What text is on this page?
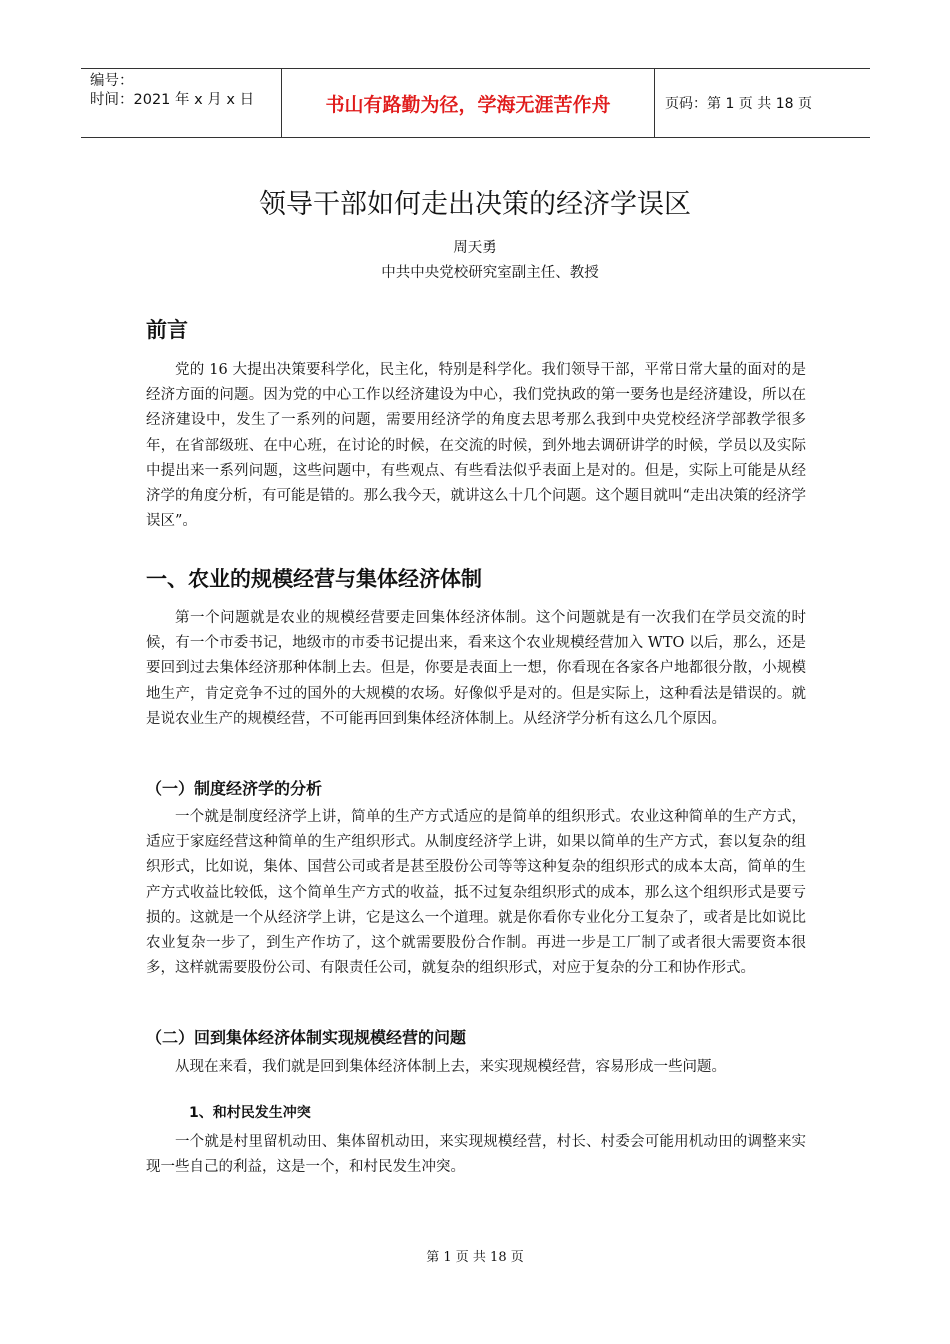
编号：
时间：2021 年 x 月 x 日	书山有路勤为径，学海无涯苦作舟	页码：第 1 页 共 18 页
领导干部如何走出决策的经济学误区
周天勇
中共中央党校研究室副主任、教授
前言

党的 16 大提出决策要科学化，民主化，特别是科学化。我们领导干部，平常日常大量的面对的是经济方面的问题。因为党的中心工作以经济建设为中心，我们党执政的第一要务也是经济建设，所以在经济建设中，发生了一系列的问题，需要用经济学的角度去思考那么我到中央党校经济学部教学很多年，在省部级班、在中心班，在讨论的时候，在交流的时候，到外地去调研讲学的时候，学员以及实际中提出来一系列问题，这些问题中，有些观点、有些看法似乎表面上是对的。但是，实际上可能是从经济学的角度分析，有可能是错的。那么我今天，就讲这么十几个问题。这个题目就叫“走出决策的经济学误区”。

一、农业的规模经营与集体经济体制

第一个问题就是农业的规模经营要走回集体经济体制。这个问题就是有一次我们在学员交流的时候，有一个市委书记，地级市的市委书记提出来，看来这个农业规模经营加入 WTO 以后，那么，还是要回到过去集体经济那种体制上去。但是，你要是表面上一想，你看现在各家各户地都很分散，小规模地生产，肯定竞争不过的国外的大规模的农场。好像似乎是对的。但是实际上，这种看法是错误的。就是说农业生产的规模经营，不可能再回到集体经济体制上。从经济学分析有这么几个原因。

（一）制度经济学的分析

一个就是制度经济学上讲，简单的生产方式适应的是简单的组织形式。农业这种简单的生产方式，适应于家庭经营这种简单的生产组织形式。从制度经济学上讲，如果以简单的生产方式，套以复杂的组织形式，比如说，集体、国营公司或者是甚至股份公司等等这种复杂的组织形式的成本太高，简单的生产方式收益比较低，这个简单生产方式的收益，抵不过复杂组织形式的成本，那么这个组织形式是要亏损的。这就是一个从经济学上讲，它是这么一个道理。就是你看你专业化分工复杂了，或者是比如说比农业复杂一步了，到生产作坊了，这个就需要股份合作制。再进一步是工厂制了或者很大需要资本很多，这样就需要股份公司、有限责任公司，就复杂的组织形式，对应于复杂的分工和协作形式。

（二）回到集体经济体制实现规模经营的问题

从现在来看，我们就是回到集体经济体制上去，来实现规模经营，容易形成一些问题。

1、和村民发生冲突

一个就是村里留机动田、集体留机动田，来实现规模经营，村长、村委会可能用机动田的调整来实现一些自己的利益，这是一个，和村民发生冲突。

第 1 页 共 18 页
